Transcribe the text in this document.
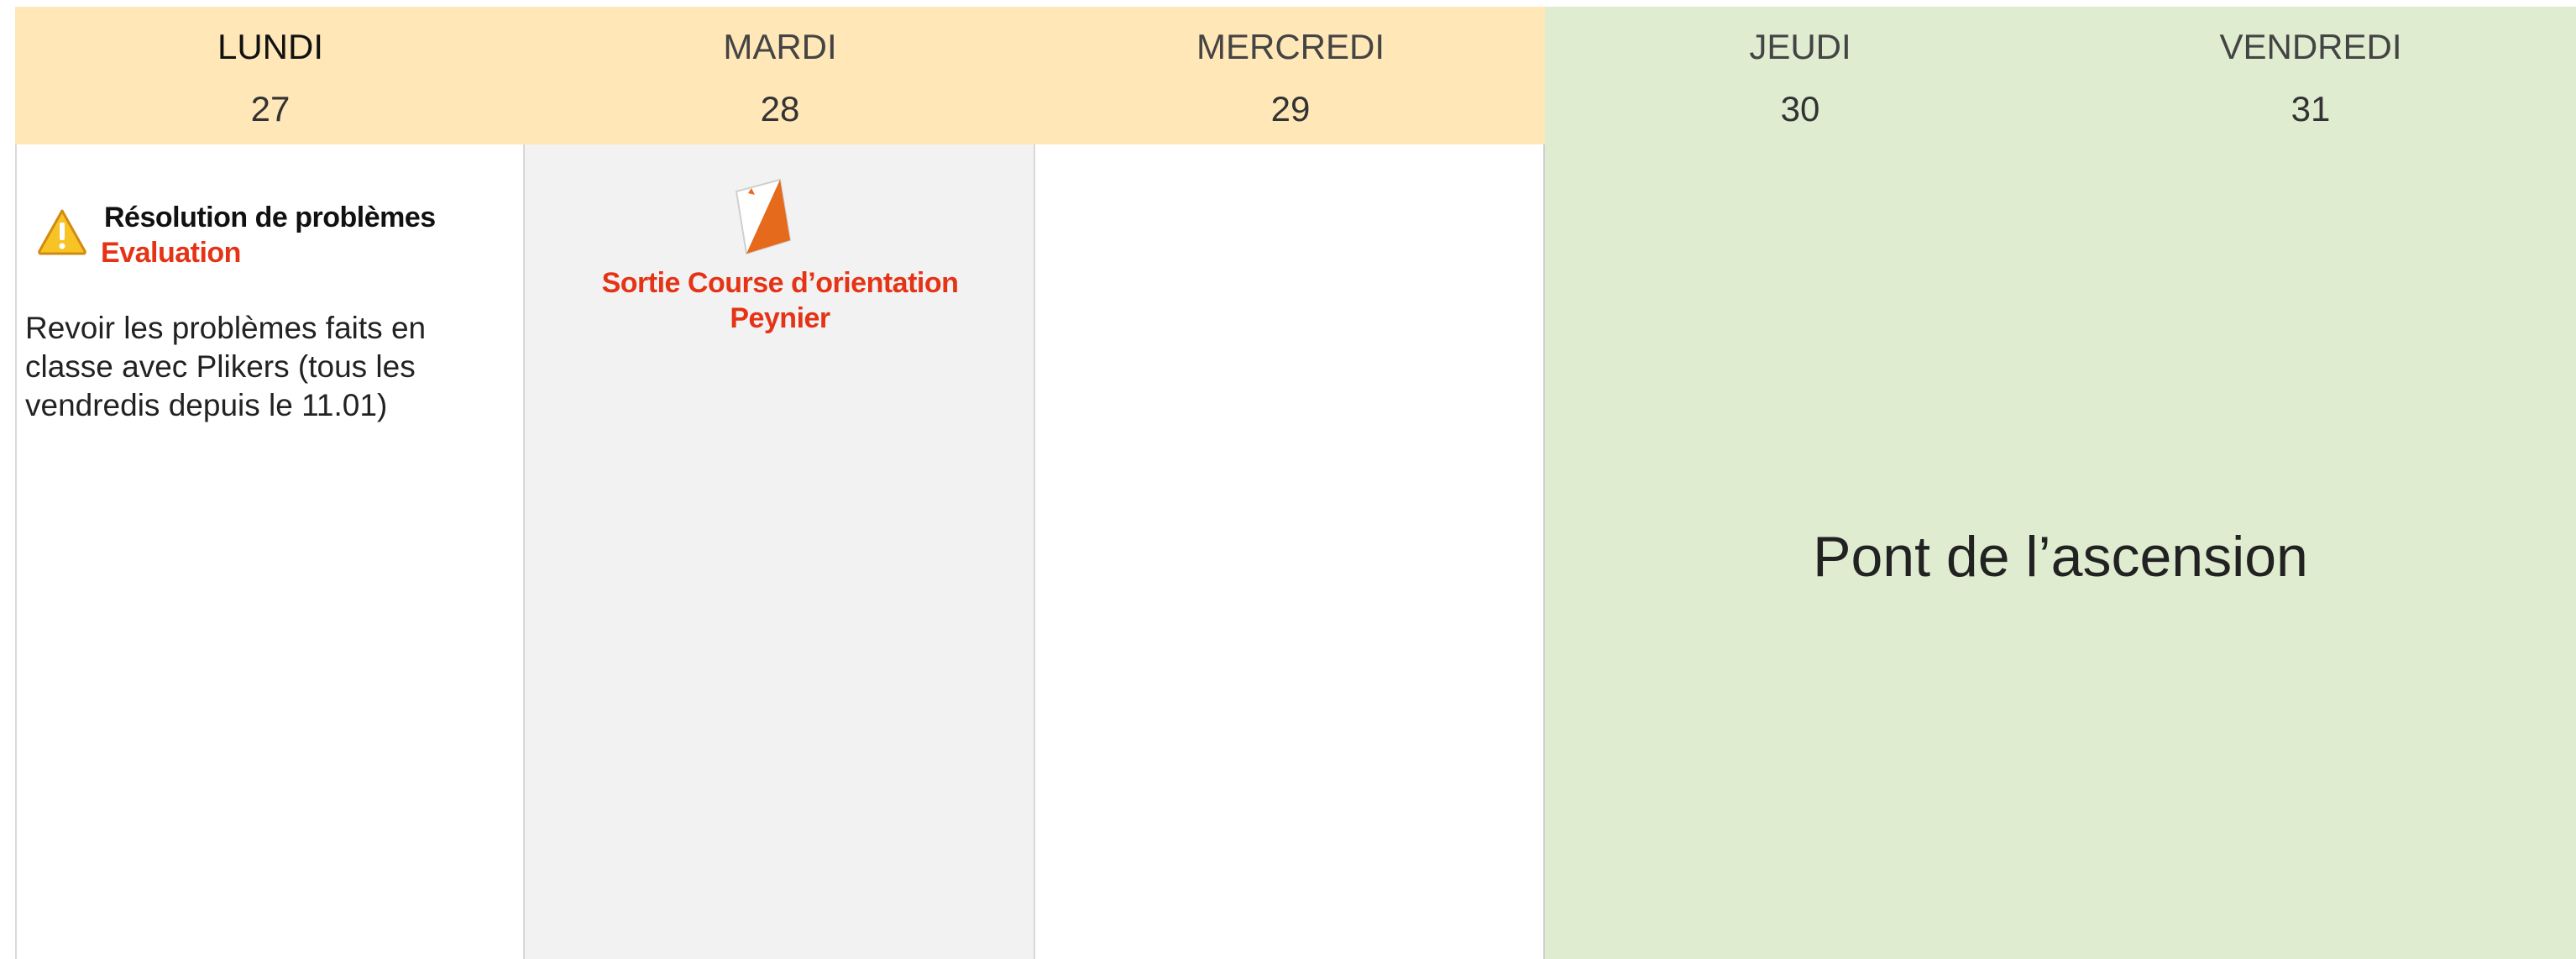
LUNDI
27
MARDI
28
MERCREDI
29
JEUDI
30
VENDREDI
31
Résolution de problèmes
Evaluation
Revoir les problèmes faits en classe avec Plikers (tous les vendredis depuis le 11.01)
Sortie Course d’orientation
Peynier
Pont de l’ascension
